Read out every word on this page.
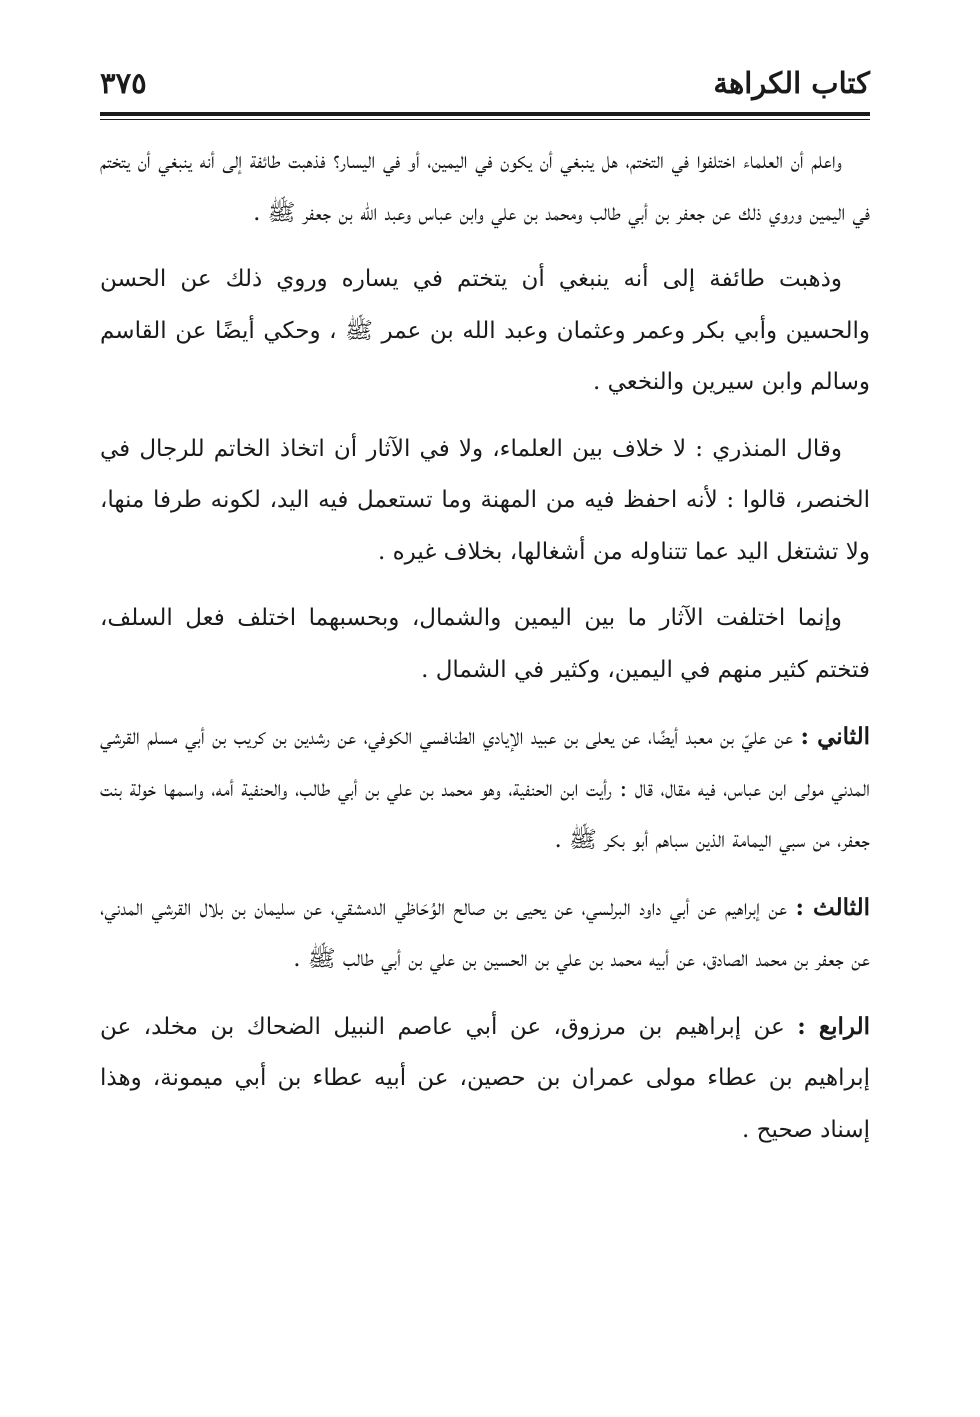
كتاب الكراهة
٣٧٥

واعلم أن العلماء اختلفوا في التختم، هل ينبغي أن يكون في اليمين، أو في اليسار؟ فذهبت طائفة إلى أنه ينبغي أن يتختم في اليمين وروي ذلك عن جعفر بن أبي طالب ومحمد بن علي وابن عباس وعبد الله بن جعفر ﷺ .

وذهبت طائفة إلى أنه ينبغي أن يتختم في يساره وروي ذلك عن الحسن والحسين وأبي بكر وعمر وعثمان وعبد الله بن عمر ﷺ ، وحكي أيضًا عن القاسم وسالم وابن سيرين والنخعي .

وقال المنذري : لا خلاف بين العلماء، ولا في الآثار أن اتخاذ الخاتم للرجال في الخنصر، قالوا : لأنه احفظ فيه من المهنة وما تستعمل فيه اليد، لكونه طرفا منها، ولا تشتغل اليد عما تتناوله من أشغالها، بخلاف غيره .

وإنما اختلفت الآثار ما بين اليمين والشمال، وبحسبهما اختلف فعل السلف، فتختم كثير منهم في اليمين، وكثير في الشمال .

الثاني : عن عليّ بن معبد أيضًا، عن يعلى بن عبيد الإيادي الطنافسي الكوفي، عن رشدين بن كريب بن أبي مسلم القرشي المدني مولى ابن عباس، فيه مقال، قال : رأيت ابن الحنفية، وهو محمد بن علي بن أبي طالب، والحنفية أمه، واسمها خولة بنت جعفر، من سبي اليمامة الذين سباهم أبو بكر ﷺ .

الثالث : عن إبراهيم عن أبي داود البرلسي، عن يحيى بن صالح الوُحَاظي الدمشقي، عن سليمان بن بلال القرشي المدني، عن جعفر بن محمد الصادق، عن أبيه محمد بن علي بن الحسين بن علي بن أبي طالب ﷺ .

الرابع : عن إبراهيم بن مرزوق، عن أبي عاصم النبيل الضحاك بن مخلد، عن إبراهيم بن عطاء مولى عمران بن حصين، عن أبيه عطاء بن أبي ميمونة، وهذا إسناد صحيح .
